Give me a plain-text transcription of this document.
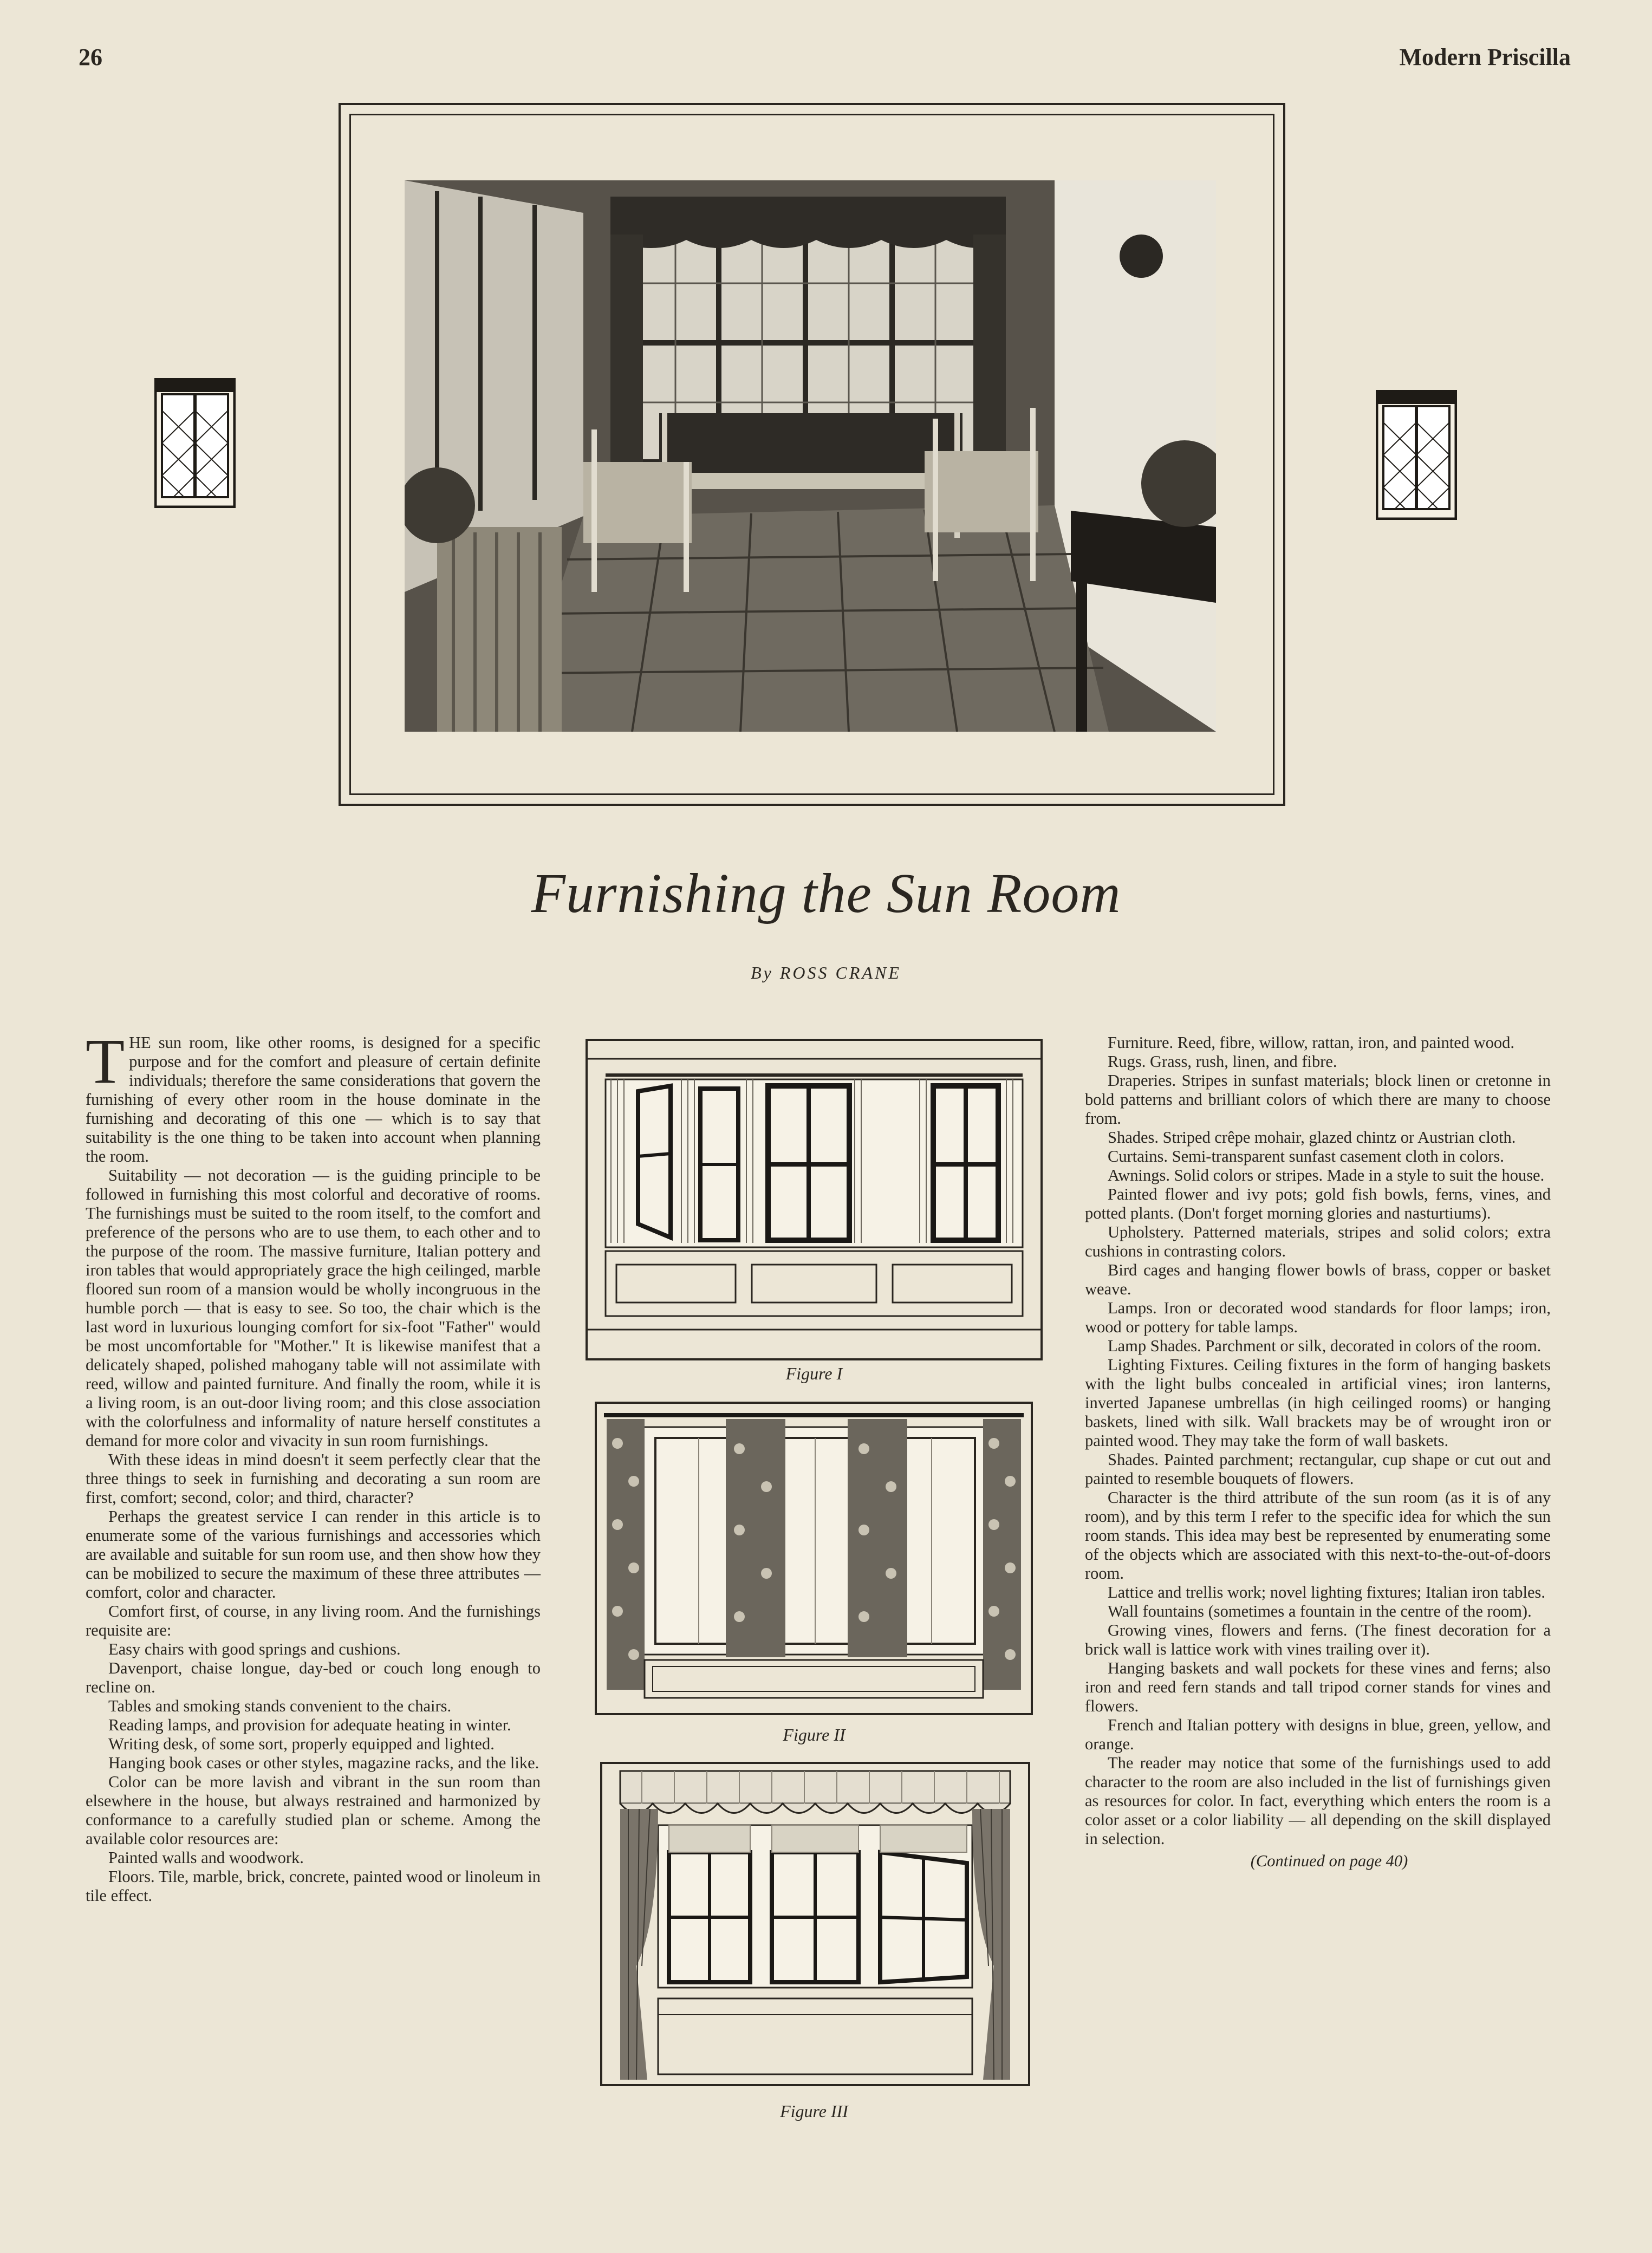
26	Modern Priscilla
Furnishing the Sun Room
By ROSS CRANE

THE sun room, like other rooms, is designed for a specific purpose and for the comfort and pleasure of certain definite individuals; therefore the same considerations that govern the furnishing of every other room in the house dominate in the furnishing and decorating of this one — which is to say that suitability is the one thing to be taken into account when planning the room.

Suitability — not decoration — is the guiding principle to be followed in furnishing this most colorful and decorative of rooms. The furnishings must be suited to the room itself, to the comfort and preference of the persons who are to use them, to each other and to the purpose of the room. The massive furniture, Italian pottery and iron tables that would appropriately grace the high ceilinged, marble floored sun room of a mansion would be wholly incongruous in the humble porch — that is easy to see. So too, the chair which is the last word in luxurious lounging comfort for six-foot "Father" would be most uncomfortable for "Mother." It is likewise manifest that a delicately shaped, polished mahogany table will not assimilate with reed, willow and painted furniture. And finally the room, while it is a living room, is an out-door living room; and this close association with the colorfulness and informality of nature herself constitutes a demand for more color and vivacity in sun room furnishings.

With these ideas in mind doesn't it seem perfectly clear that the three things to seek in furnishing and decorating a sun room are first, comfort; second, color; and third, character?

Perhaps the greatest service I can render in this article is to enumerate some of the various furnishings and accessories which are available and suitable for sun room use, and then show how they can be mobilized to secure the maximum of these three attributes — comfort, color and character.

Comfort first, of course, in any living room. And the furnishings requisite are:

Easy chairs with good springs and cushions.

Davenport, chaise longue, day-bed or couch long enough to recline on.

Tables and smoking stands convenient to the chairs.

Reading lamps, and provision for adequate heating in winter.

Writing desk, of some sort, properly equipped and lighted.

Hanging book cases or other styles, magazine racks, and the like.

Color can be more lavish and vibrant in the sun room than elsewhere in the house, but always restrained and harmonized by conformance to a carefully studied plan or scheme. Among the available color resources are:

Painted walls and woodwork.

Floors. Tile, marble, brick, concrete, painted wood or linoleum in tile effect.

Figure I
Figure II
Figure III

Furniture. Reed, fibre, willow, rattan, iron, and painted wood.

Rugs. Grass, rush, linen, and fibre.

Draperies. Stripes in sunfast materials; block linen or cretonne in bold patterns and brilliant colors of which there are many to choose from.

Shades. Striped crêpe mohair, glazed chintz or Austrian cloth.

Curtains. Semi-transparent sunfast casement cloth in colors.

Awnings. Solid colors or stripes. Made in a style to suit the house.

Painted flower and ivy pots; gold fish bowls, ferns, vines, and potted plants. (Don't forget morning glories and nasturtiums).

Upholstery. Patterned materials, stripes and solid colors; extra cushions in contrasting colors.

Bird cages and hanging flower bowls of brass, copper or basket weave.

Lamps. Iron or decorated wood standards for floor lamps; iron, wood or pottery for table lamps.

Lamp Shades. Parchment or silk, decorated in colors of the room.

Lighting Fixtures. Ceiling fixtures in the form of hanging baskets with the light bulbs concealed in artificial vines; iron lanterns, inverted Japanese umbrellas (in high ceilinged rooms) or hanging baskets, lined with silk. Wall brackets may be of wrought iron or painted wood. They may take the form of wall baskets.

Shades. Painted parchment; rectangular, cup shape or cut out and painted to resemble bouquets of flowers.

Character is the third attribute of the sun room (as it is of any room), and by this term I refer to the specific idea for which the sun room stands. This idea may best be represented by enumerating some of the objects which are associated with this next-to-the-out-of-doors room.

Lattice and trellis work; novel lighting fixtures; Italian iron tables.

Wall fountains (sometimes a fountain in the centre of the room).

Growing vines, flowers and ferns. (The finest decoration for a brick wall is lattice work with vines trailing over it).

Hanging baskets and wall pockets for these vines and ferns; also iron and reed fern stands and tall tripod corner stands for vines and flowers.

French and Italian pottery with designs in blue, green, yellow, and orange.

The reader may notice that some of the furnishings used to add character to the room are also included in the list of furnishings given as resources for color. In fact, everything which enters the room is a color asset or a color liability — all depending on the skill displayed in selection.

(Continued on page 40)
